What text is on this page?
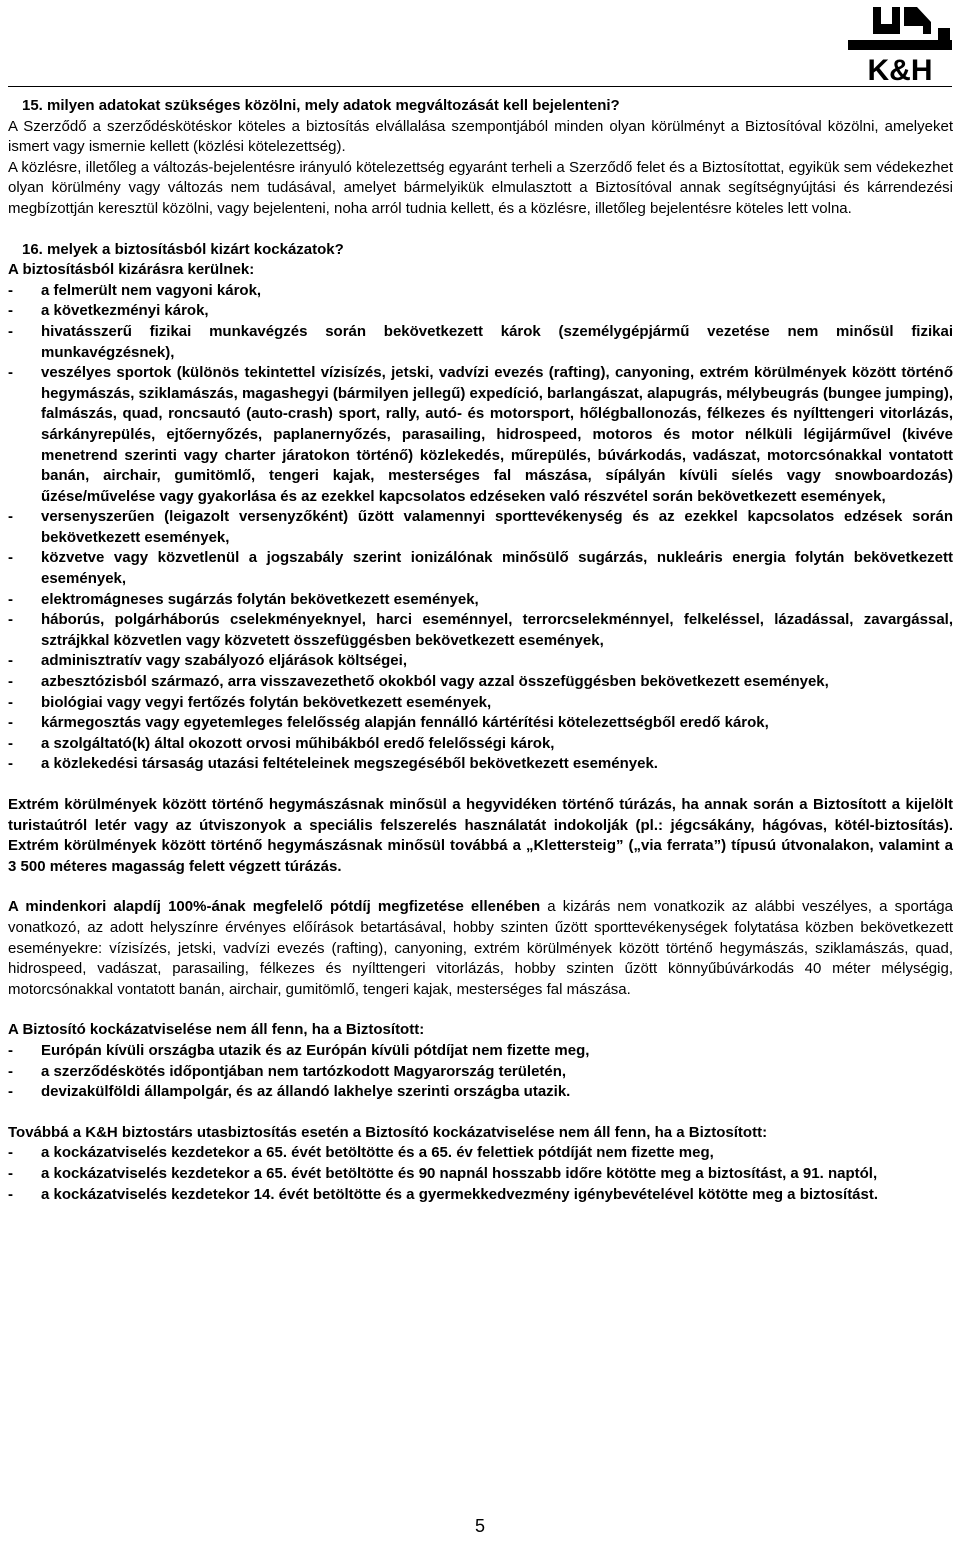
K&H

15. milyen adatokat szükséges közölni, mely adatok megváltozását kell bejelenteni?

A Szerződő a szerződéskötéskor köteles a biztosítás elvállalása szempontjából minden olyan körülményt a Biztosítóval közölni, amelyeket ismert vagy ismernie kellett (közlési kötelezettség).

A közlésre, illetőleg a változás-bejelentésre irányuló kötelezettség egyaránt terheli a Szerződő felet és a Biztosítottat, egyikük sem védekezhet olyan körülmény vagy változás nem tudásával, amelyet bármelyikük elmulasztott a Biztosítóval annak segítségnyújtási és kárrendezési megbízottján keresztül közölni, vagy bejelenteni, noha arról tudnia kellett, és a közlésre, illetőleg bejelentésre köteles lett volna.

16. melyek a biztosításból kizárt kockázatok?

A biztosításból kizárásra kerülnek:

- a felmerült nem vagyoni károk,
- a következményi károk,
- hivatásszerű fizikai munkavégzés során bekövetkezett károk (személygépjármű vezetése nem minősül fizikai munkavégzésnek),
- veszélyes sportok (különös tekintettel vízisízés, jetski, vadvízi evezés (rafting), canyoning, extrém körülmények között történő hegymászás, sziklamászás, magashegyi (bármilyen jellegű) expedíció, barlangászat, alapugrás, mélybeugrás (bungee jumping), falmászás, quad, roncsautó (auto-crash) sport, rally, autó- és motorsport, hőlégballonozás, félkezes és nyílttengeri vitorlázás, sárkányrepülés, ejtőernyőzés, paplanernyőzés, parasailing, hidrospeed, motoros és motor nélküli légijárművel (kivéve menetrend szerinti vagy charter járatokon történő) közlekedés, műrepülés, búvárkodás, vadászat, motorcsónakkal vontatott banán, airchair, gumitömlő, tengeri kajak, mesterséges fal mászása, sípályán kívüli síelés vagy snowboardozás) űzése/művelése vagy gyakorlása és az ezekkel kapcsolatos edzéseken való részvétel során bekövetkezett események,
- versenyszerűen (leigazolt versenyzőként) űzött valamennyi sporttevékenység és az ezekkel kapcsolatos edzések során bekövetkezett események,
- közvetve vagy közvetlenül a jogszabály szerint ionizálónak minősülő sugárzás, nukleáris energia folytán bekövetkezett események,
- elektromágneses sugárzás folytán bekövetkezett események,
- háborús, polgárháborús cselekményeknyel, harci eseménnyel, terrorcselekménnyel, felkeléssel, lázadással, zavargással, sztrájkkal közvetlen vagy közvetett összefüggésben bekövetkezett események,
- adminisztratív vagy szabályozó eljárások költségei,
- azbesztózisból származó, arra visszavezethető okokból vagy azzal összefüggésben bekövetkezett események,
- biológiai vagy vegyi fertőzés folytán bekövetkezett események,
- kármegosztás vagy egyetemleges felelősség alapján fennálló kártérítési kötelezettségből eredő károk,
- a szolgáltató(k) által okozott orvosi műhibákból eredő felelősségi károk,
- a közlekedési társaság utazási feltételeinek megszegéséből bekövetkezett események.

Extrém körülmények között történő hegymászásnak minősül a hegyvidéken történő túrázás, ha annak során a Biztosított a kijelölt turistaútról letér vagy az útviszonyok a speciális felszerelés használatát indokolják (pl.: jégcsákány, hágóvas, kötél-biztosítás). Extrém körülmények között történő hegymászásnak minősül továbbá a „Klettersteig” („via ferrata”) típusú útvonalakon, valamint a 3 500 méteres magasság felett végzett túrázás.

A mindenkori alapdíj 100%-ának megfelelő pótdíj megfizetése ellenében a kizárás nem vonatkozik az alábbi veszélyes, a sportága vonatkozó, az adott helyszínre érvényes előírások betartásával, hobby szinten űzött sporttevékenységek folytatása közben bekövetkezett eseményekre: vízisízés, jetski, vadvízi evezés (rafting), canyoning, extrém körülmények között történő hegymászás, sziklamászás, quad, hidrospeed, vadászat, parasailing, félkezes és nyílttengeri vitorlázás, hobby szinten űzött könnyűbúvárkodás 40 méter mélységig, motorcsónakkal vontatott banán, airchair, gumitömlő, tengeri kajak, mesterséges fal mászása.

A Biztosító kockázatviselése nem áll fenn, ha a Biztosított:

- Európán kívüli országba utazik és az Európán kívüli pótdíjat nem fizette meg,
- a szerződéskötés időpontjában nem tartózkodott Magyarország területén,
- devizakülföldi állampolgár, és az állandó lakhelye szerinti országba utazik.

Továbbá a K&H biztostárs utasbiztosítás esetén a Biztosító kockázatviselése nem áll fenn, ha a Biztosított:

- a kockázatviselés kezdetekor a 65. évét betöltötte és a 65. év felettiek pótdíját nem fizette meg,
- a kockázatviselés kezdetekor a 65. évét betöltötte és 90 napnál hosszabb időre kötötte meg a biztosítást, a 91. naptól,
- a kockázatviselés kezdetekor 14. évét betöltötte és a gyermekkedvezmény igénybevételével kötötte meg a biztosítást.
5
